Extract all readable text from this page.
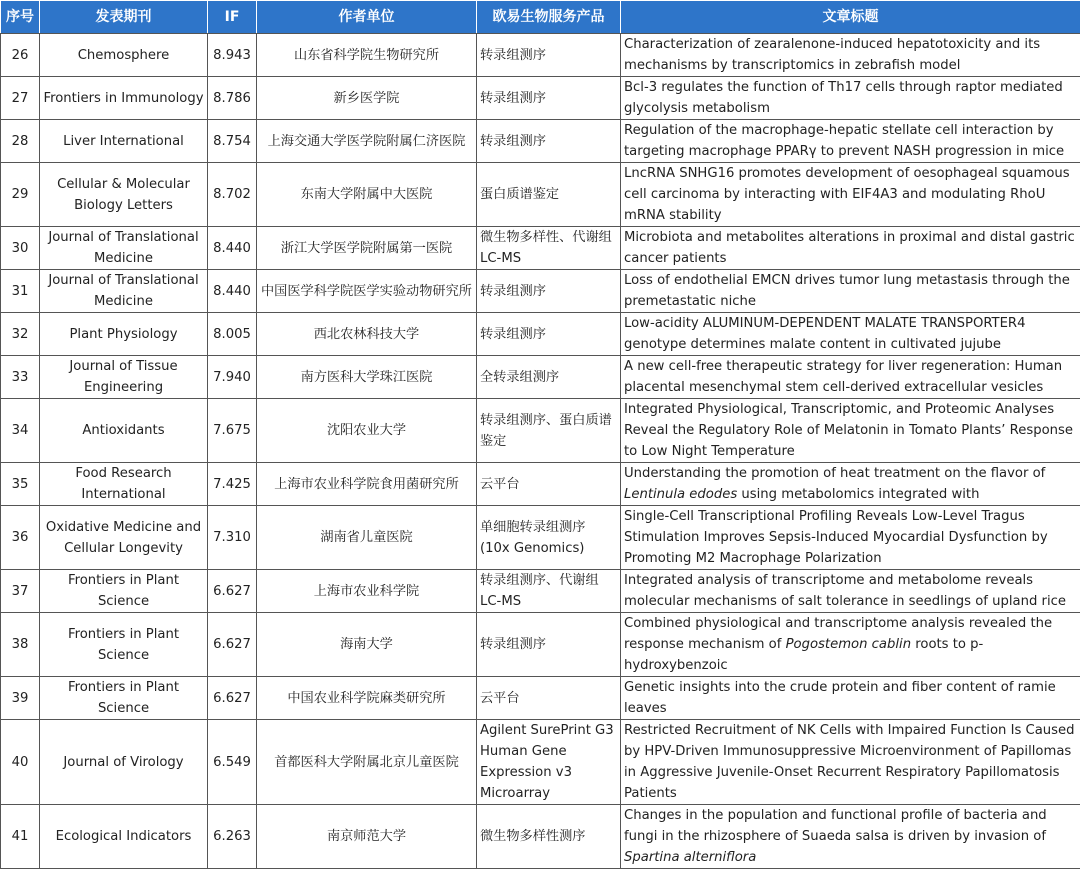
序号	发表期刊	IF	作者单位	欧易生物服务产品	文章标题
26	Chemosphere	8.943	山东省科学院生物研究所	转录组测序	Characterization of zearalenone-induced hepatotoxicity and its mechanisms by transcriptomics in zebrafish model
27	Frontiers in Immunology	8.786	新乡医学院	转录组测序	Bcl-3 regulates the function of Th17 cells through raptor mediated glycolysis metabolism
28	Liver International	8.754	上海交通大学医学院附属仁济医院	转录组测序	Regulation of the macrophage-hepatic stellate cell interaction by targeting macrophage PPARγ to prevent NASH progression in mice
29	Cellular & Molecular Biology Letters	8.702	东南大学附属中大医院	蛋白质谱鉴定	LncRNA SNHG16 promotes development of oesophageal squamous cell carcinoma by interacting with EIF4A3 and modulating RhoU mRNA stability
30	Journal of Translational Medicine	8.440	浙江大学医学院附属第一医院	微生物多样性、代谢组LC-MS	Microbiota and metabolites alterations in proximal and distal gastric cancer patients
31	Journal of Translational Medicine	8.440	中国医学科学院医学实验动物研究所	转录组测序	Loss of endothelial EMCN drives tumor lung metastasis through the premetastatic niche
32	Plant Physiology	8.005	西北农林科技大学	转录组测序	Low-acidity ALUMINUM-DEPENDENT MALATE TRANSPORTER4 genotype determines malate content in cultivated jujube
33	Journal of Tissue Engineering	7.940	南方医科大学珠江医院	全转录组测序	A new cell-free therapeutic strategy for liver regeneration: Human placental mesenchymal stem cell-derived extracellular vesicles
34	Antioxidants	7.675	沈阳农业大学	转录组测序、蛋白质谱鉴定	Integrated Physiological, Transcriptomic, and Proteomic Analyses Reveal the Regulatory Role of Melatonin in Tomato Plants’ Response to Low Night Temperature
35	Food Research International	7.425	上海市农业科学院食用菌研究所	云平台	Understanding the promotion of heat treatment on the flavor of Lentinula edodes using metabolomics integrated with
36	Oxidative Medicine and Cellular Longevity	7.310	湖南省儿童医院	单细胞转录组测序 (10x Genomics)	Single-Cell Transcriptional Profiling Reveals Low-Level Tragus Stimulation Improves Sepsis-Induced Myocardial Dysfunction by Promoting M2 Macrophage Polarization
37	Frontiers in Plant Science	6.627	上海市农业科学院	转录组测序、代谢组LC-MS	Integrated analysis of transcriptome and metabolome reveals molecular mechanisms of salt tolerance in seedlings of upland rice
38	Frontiers in Plant Science	6.627	海南大学	转录组测序	Combined physiological and transcriptome analysis revealed the response mechanism of Pogostemon cablin roots to p-hydroxybenzoic
39	Frontiers in Plant Science	6.627	中国农业科学院麻类研究所	云平台	Genetic insights into the crude protein and fiber content of ramie leaves
40	Journal of Virology	6.549	首都医科大学附属北京儿童医院	Agilent SurePrint G3 Human Gene Expression v3 Microarray	Restricted Recruitment of NK Cells with Impaired Function Is Caused by HPV-Driven Immunosuppressive Microenvironment of Papillomas in Aggressive Juvenile-Onset Recurrent Respiratory Papillomatosis Patients
41	Ecological Indicators	6.263	南京师范大学	微生物多样性测序	Changes in the population and functional profile of bacteria and fungi in the rhizosphere of Suaeda salsa is driven by invasion of Spartina alterniflora
